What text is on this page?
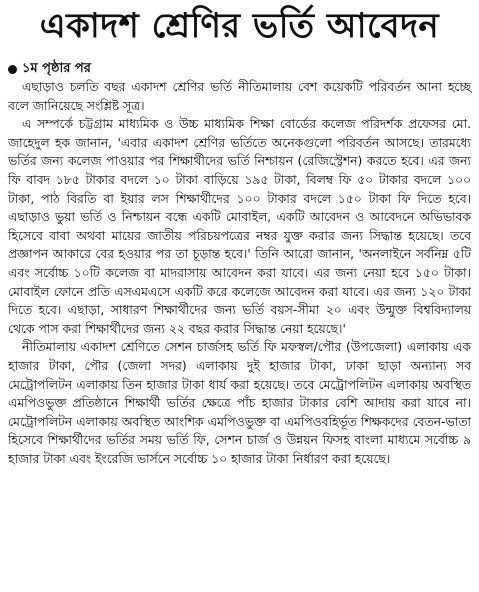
একাদশ শ্রেণির ভর্তি আবেদন
১ম পৃষ্ঠার পর

এছাড়াও চলতি বছর একাদশ শ্রেণির ভর্তি নীতিমালায় বেশ কয়েকটি পরিবর্তন আনা হচ্ছে বলে জানিয়েছে সংশ্লিষ্ট সূত্র।

এ সম্পর্কে চট্টগ্রাম মাধ্যমিক ও উচ্চ মাধ্যমিক শিক্ষা বোর্ডের কলেজ পরিদর্শক প্রফেসর মো. জাহেদুল হক জানান, 'এবার একাদশ শ্রেণির ভর্তিতে অনেকগুলো পরিবর্তন আসছে। তারমধ্যে ভর্তির জন্য কলেজ পাওয়ার পর শিক্ষার্থীদের ভর্তি নিশ্চায়ন (রেজিস্ট্রেশন) করতে হবে। এর জন্য ফি বাবদ ১৮৫ টাকার বদলে ১০ টাকা বাড়িয়ে ১৯৫ টাকা, বিলম্ব ফি ৫০ টাকার বদলে ১০০ টাকা, পাঠ বিরতি বা ইয়ার লস শিক্ষার্থীদের ১০০ টাকার বদলে ১৫০ টাকা ফি দিতে হবে। এছাড়াও ভুয়া ভর্তি ও নিশ্চায়ন বন্ধে একটি মোবাইল, একটি আবেদন ও আবেদনে অভিভাবক হিসেবে বাবা অথবা মায়ের জাতীয় পরিচয়পত্রের নম্বর যুক্ত করার জন্য সিদ্ধান্ত হয়েছে। তবে প্রজ্ঞাপন আকারে বের হওয়ার পর তা চূড়ান্ত হবে।' তিনি আরো জানান, 'অনলাইনে সর্বনিম্ন ৫টি এবং সর্বোচ্চ ১০টি কলেজ বা মাদরাসায় আবেদন করা যাবে। এর জন্য নেয়া হবে ১৫০ টাকা। মোবাইল ফোনে প্রতি এসএমএসে একটি করে কলেজে আবেদন করা যাবে। এর জন্য ১২০ টাকা দিতে হবে। এছাড়া, সাধারণ শিক্ষার্থীদের জন্য ভর্তি বয়স-সীমা ২০ এবং উন্মুক্ত বিশ্ববিদ্যালয় থেকে পাস করা শিক্ষার্থীদের জন্য ২২ বছর করার সিদ্ধান্ত নেয়া হয়েছে।'

নীতিমালায় একাদশ শ্রেণিতে সেশন চার্জসহ ভর্তি ফি মফস্বল/পৌর (উপজেলা) এলাকায় এক হাজার টাকা, পৌর (জেলা সদর) এলাকায় দুই হাজার টাকা, ঢাকা ছাড়া অন্যান্য সব মেট্রোপলিটন এলাকায় তিন হাজার টাকা ধার্য করা হয়েছে। তবে মেট্রোপলিটন এলাকায় অবস্থিত এমপিওভুক্ত প্রতিষ্ঠানে শিক্ষার্থী ভর্তির ক্ষেত্রে পাঁচ হাজার টাকার বেশি আদায় করা যাবে না। মেট্রোপলিটন এলাকায় অবস্থিত আংশিক এমপিওভুক্ত বা এমপিওবহির্ভূত শিক্ষকদের বেতন-ভাতা হিসেবে শিক্ষার্থীদের ভর্তির সময় ভর্তি ফি, সেশন চার্জ ও উন্নয়ন ফিসহ বাংলা মাধ্যমে সর্বোচ্চ ৯ হাজার টাকা এবং ইংরেজি ভার্সনে সর্বোচ্চ ১০ হাজার টাকা নির্ধারণ করা হয়েছে।
